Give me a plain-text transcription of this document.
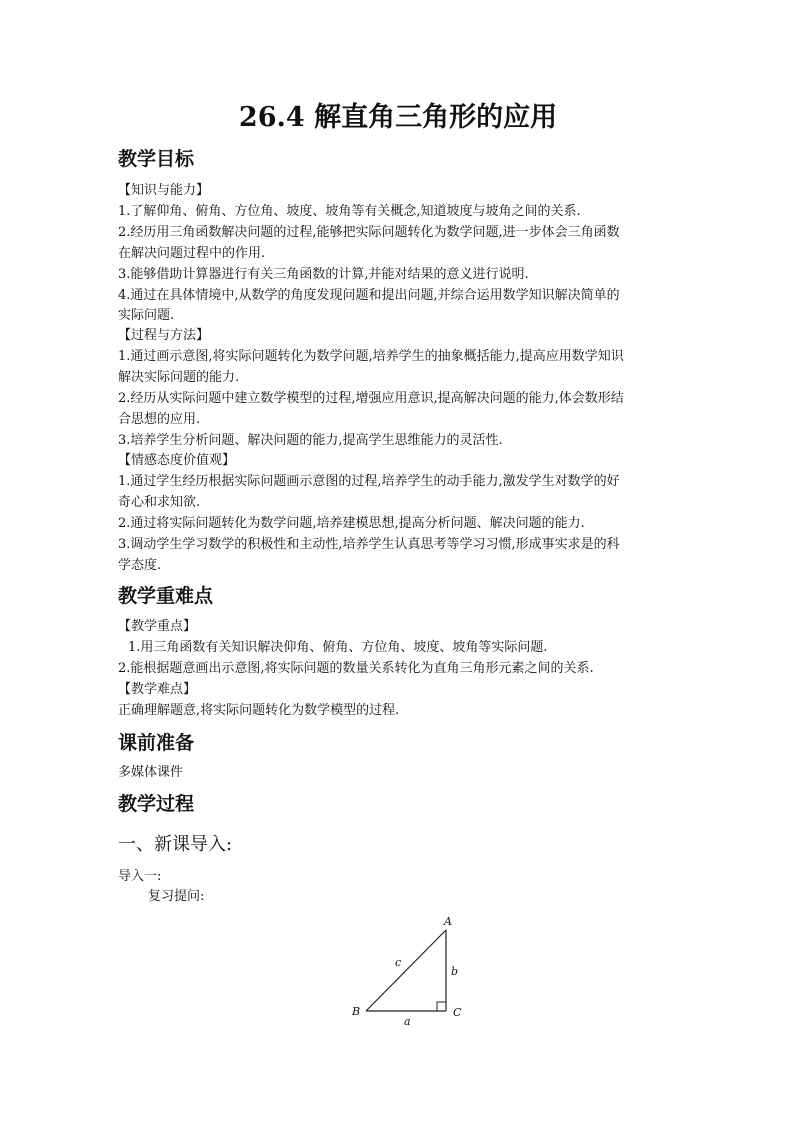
26.4 解直角三角形的应用
教学目标
【知识与能力】
1.了解仰角、俯角、方位角、坡度、坡角等有关概念,知道坡度与坡角之间的关系.
2.经历用三角函数解决问题的过程,能够把实际问题转化为数学问题,进一步体会三角函数
在解决问题过程中的作用.
3.能够借助计算器进行有关三角函数的计算,并能对结果的意义进行说明.
4.通过在具体情境中,从数学的角度发现问题和提出问题,并综合运用数学知识解决简单的
实际问题.
【过程与方法】
1.通过画示意图,将实际问题转化为数学问题,培养学生的抽象概括能力,提高应用数学知识
解决实际问题的能力.
2.经历从实际问题中建立数学模型的过程,增强应用意识,提高解决问题的能力,体会数形结
合思想的应用.
3.培养学生分析问题、解决问题的能力,提高学生思维能力的灵活性.
【情感态度价值观】
1.通过学生经历根据实际问题画示意图的过程,培养学生的动手能力,激发学生对数学的好
奇心和求知欲.
2.通过将实际问题转化为数学问题,培养建模思想,提高分析问题、解决问题的能力.
3.调动学生学习数学的积极性和主动性,培养学生认真思考等学习习惯,形成事实求是的科
学态度.
教学重难点
【教学重点】
1.用三角函数有关知识解决仰角、俯角、方位角、坡度、坡角等实际问题.
2.能根据题意画出示意图,将实际问题的数量关系转化为直角三角形元素之间的关系.
【教学难点】
正确理解题意,将实际问题转化为数学模型的过程.
课前准备
多媒体课件
教学过程
一、新课导入:
导入一:
复习提问:
A
B	C
a
b
c
